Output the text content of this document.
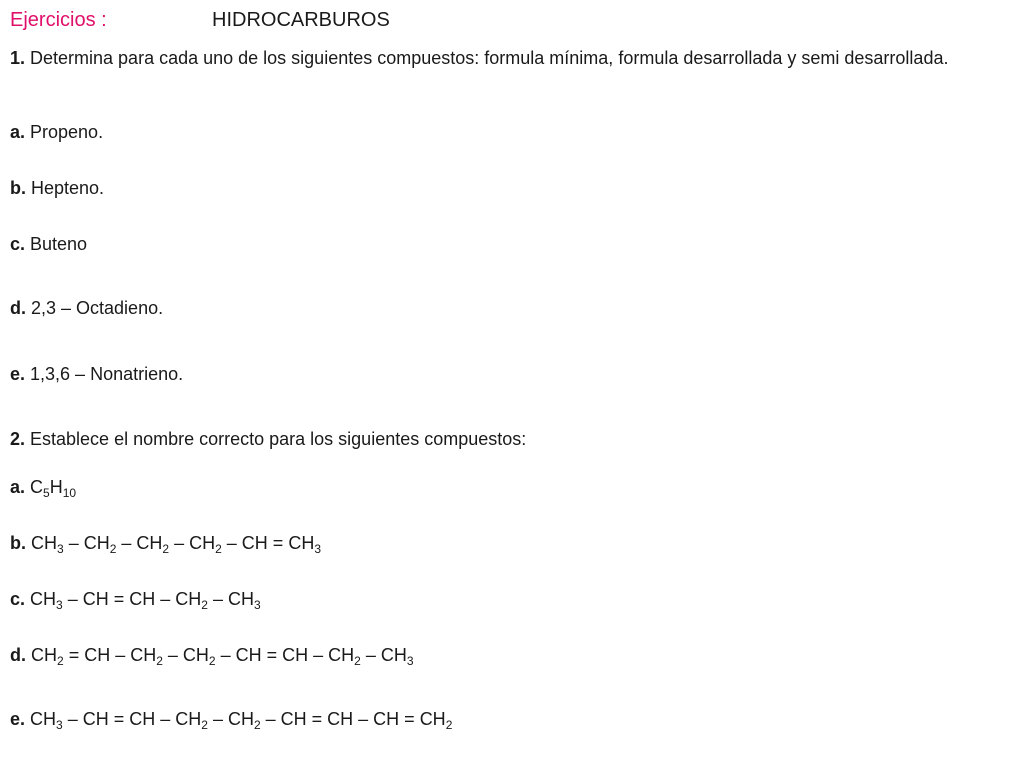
Ejercicios :	HIDROCARBUROS
1. Determina para cada uno de los siguientes compuestos: formula mínima, formula desarrollada y semi desarrollada.
a. Propeno.
b. Hepteno.
c. Buteno
d. 2,3 – Octadieno.
e. 1,3,6 – Nonatrieno.
2. Establece el nombre correcto para los siguientes compuestos:
a. $C_5H_{10}$
b. $CH_3 - CH_2 - CH_2 - CH_2$ – CH = $CH_3$
c. $CH_3$ – CH = CH – $CH_2 - CH_3$
d. $CH_2$ = CH – $CH_2 - CH_2$ – CH = CH – $CH_2 - CH_3$
e. $CH_3$ – CH = CH – $CH_2 - CH_2$ – CH = CH – CH = $CH_2$
